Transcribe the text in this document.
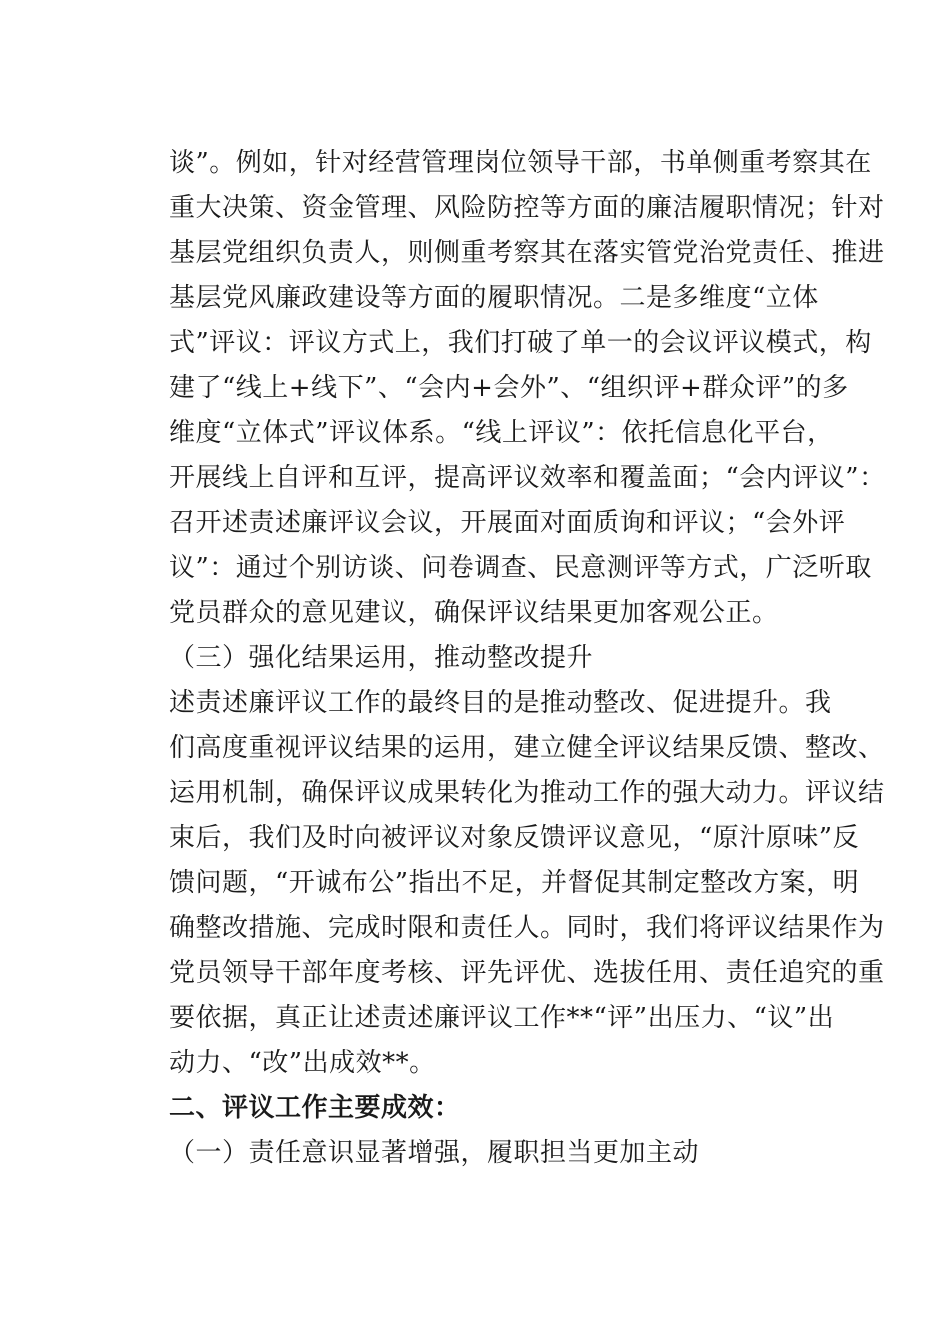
谈”。例如，针对经营管理岗位领导干部，书单侧重考察其在
重大决策、资金管理、风险防控等方面的廉洁履职情况；针对
基层党组织负责人，则侧重考察其在落实管党治党责任、推进
基层党风廉政建设等方面的履职情况。二是多维度“立体
式”评议：评议方式上，我们打破了单一的会议评议模式，构
建了“线上+线下”、“会内+会外”、“组织评+群众评”的多
维度“立体式”评议体系。“线上评议”：依托信息化平台，
开展线上自评和互评，提高评议效率和覆盖面；“会内评议”：
召开述责述廉评议会议，开展面对面质询和评议；“会外评
议”：通过个别访谈、问卷调查、民意测评等方式，广泛听取
党员群众的意见建议，确保评议结果更加客观公正。
（三）强化结果运用，推动整改提升
述责述廉评议工作的最终目的是推动整改、促进提升。我
们高度重视评议结果的运用，建立健全评议结果反馈、整改、
运用机制，确保评议成果转化为推动工作的强大动力。评议结
束后，我们及时向被评议对象反馈评议意见，“原汁原味”反
馈问题，“开诚布公”指出不足，并督促其制定整改方案，明
确整改措施、完成时限和责任人。同时，我们将评议结果作为
党员领导干部年度考核、评先评优、选拔任用、责任追究的重
要依据，真正让述责述廉评议工作**“评”出压力、“议”出
动力、“改”出成效**。
二、评议工作主要成效：
（一）责任意识显著增强，履职担当更加主动
